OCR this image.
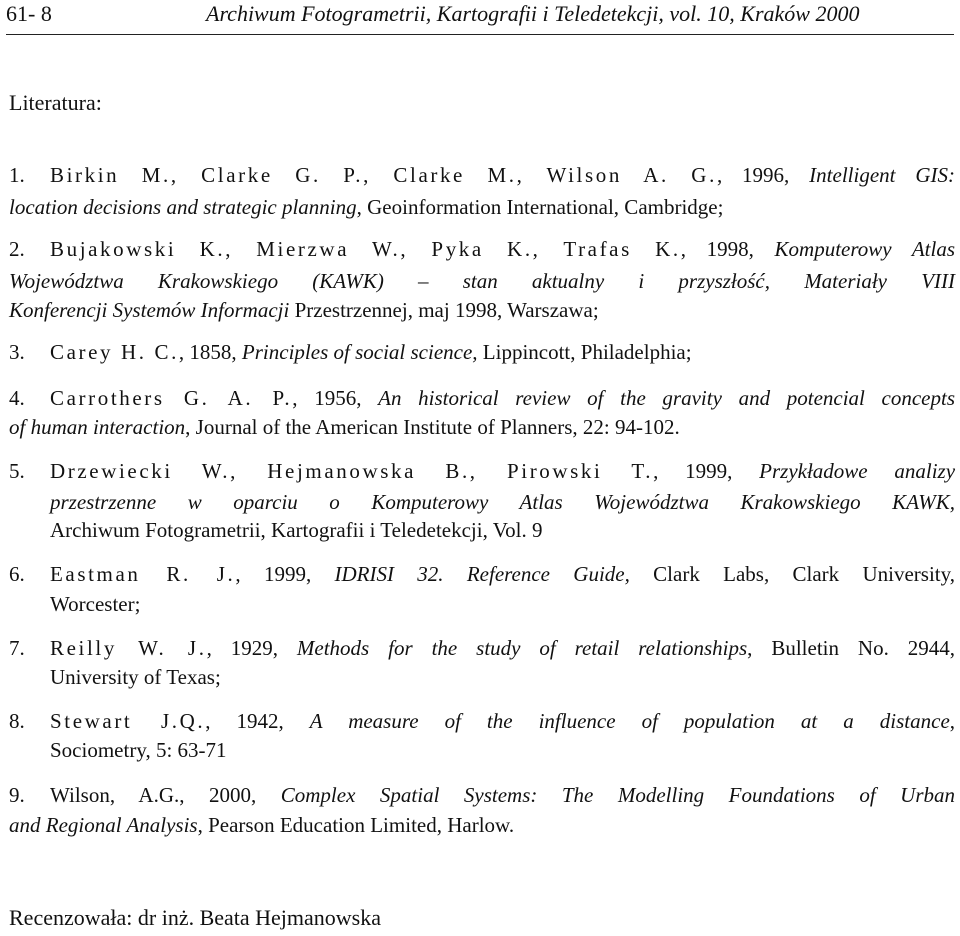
61- 8	Archiwum Fotogrametrii, Kartografii i Teledetekcji, vol. 10, Kraków 2000
Literatura:
1. Birkin M., Clarke G. P., Clarke M., Wilson A. G., 1996, Intelligent GIS:
location decisions and strategic planning, Geoinformation International, Cambridge;
2. Bujakowski K., Mierzwa W., Pyka K., Trafas K., 1998, Komputerowy Atlas
Województwa Krakowskiego (KAWK) – stan aktualny i przyszłość, Materiały VIII
Konferencji Systemów Informacji Przestrzennej, maj 1998, Warszawa;
3. Carey H. C., 1858, Principles of social science, Lippincott, Philadelphia;
4. Carrothers G. A. P., 1956, An historical review of the gravity and potencial concepts
of human interaction, Journal of the American Institute of Planners, 22: 94-102.
5. Drzewiecki W., Hejmanowska B., Pirowski T., 1999, Przykładowe analizy
przestrzenne w oparciu o Komputerowy Atlas Województwa Krakowskiego KAWK,
Archiwum Fotogrametrii, Kartografii i Teledetekcji, Vol. 9
6. Eastman R. J., 1999, IDRISI 32. Reference Guide, Clark Labs, Clark University,
Worcester;
7. Reilly W. J., 1929, Methods for the study of retail relationships, Bulletin No. 2944,
University of Texas;
8. Stewart J.Q., 1942, A measure of the influence of population at a distance,
Sociometry, 5: 63-71
9. Wilson, A.G., 2000, Complex Spatial Systems: The Modelling Foundations of Urban
and Regional Analysis, Pearson Education Limited, Harlow.
Recenzowała: dr inż. Beata Hejmanowska
